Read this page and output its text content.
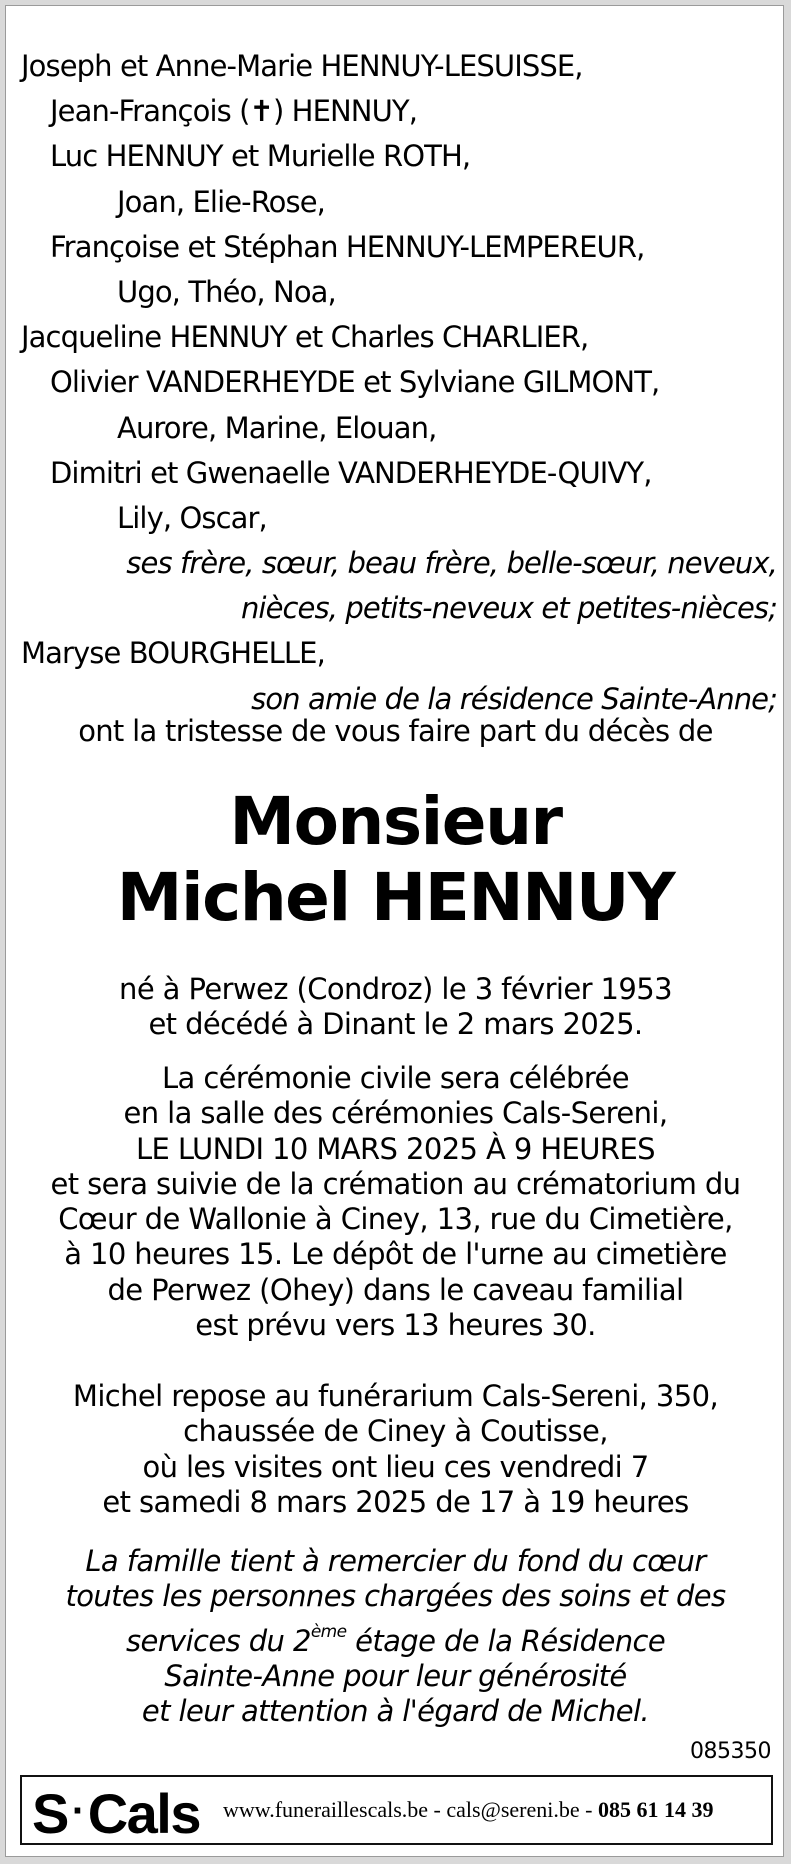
Joseph et Anne-Marie HENNUY-LESUISSE,
Jean-François (✝) HENNUY,
Luc HENNUY et Murielle ROTH,
Joan, Elie-Rose,
Françoise et Stéphan HENNUY-LEMPEREUR,
Ugo, Théo, Noa,
Jacqueline HENNUY et Charles CHARLIER,
Olivier VANDERHEYDE et Sylviane GILMONT,
Aurore, Marine, Elouan,
Dimitri et Gwenaelle VANDERHEYDE-QUIVY,
Lily, Oscar,
ses frère, sœur, beau frère, belle-sœur, neveux,
nièces, petits-neveux et petites-nièces;
Maryse BOURGHELLE,
son amie de la résidence Sainte-Anne;
ont la tristesse de vous faire part du décès de
Monsieur
Michel HENNUY
né à Perwez (Condroz) le 3 février 1953
et décédé à Dinant le 2 mars 2025.
La cérémonie civile sera célébrée
en la salle des cérémonies Cals-Sereni,
LE LUNDI 10 MARS 2025 À 9 HEURES
et sera suivie de la crémation au crématorium du
Cœur de Wallonie à Ciney, 13, rue du Cimetière,
à 10 heures 15. Le dépôt de l'urne au cimetière
de Perwez (Ohey) dans le caveau familial
est prévu vers 13 heures 30.
Michel repose au funérarium Cals-Sereni, 350,
chaussée de Ciney à Coutisse,
où les visites ont lieu ces vendredi 7
et samedi 8 mars 2025 de 17 à 19 heures
La famille tient à remercier du fond du cœur
toutes les personnes chargées des soins et des
services du 2ème étage de la Résidence
Sainte-Anne pour leur générosité
et leur attention à l'égard de Michel.
085350
S ·Cals www.funeraillescals.be - cals@sereni.be - 085 61 14 39
